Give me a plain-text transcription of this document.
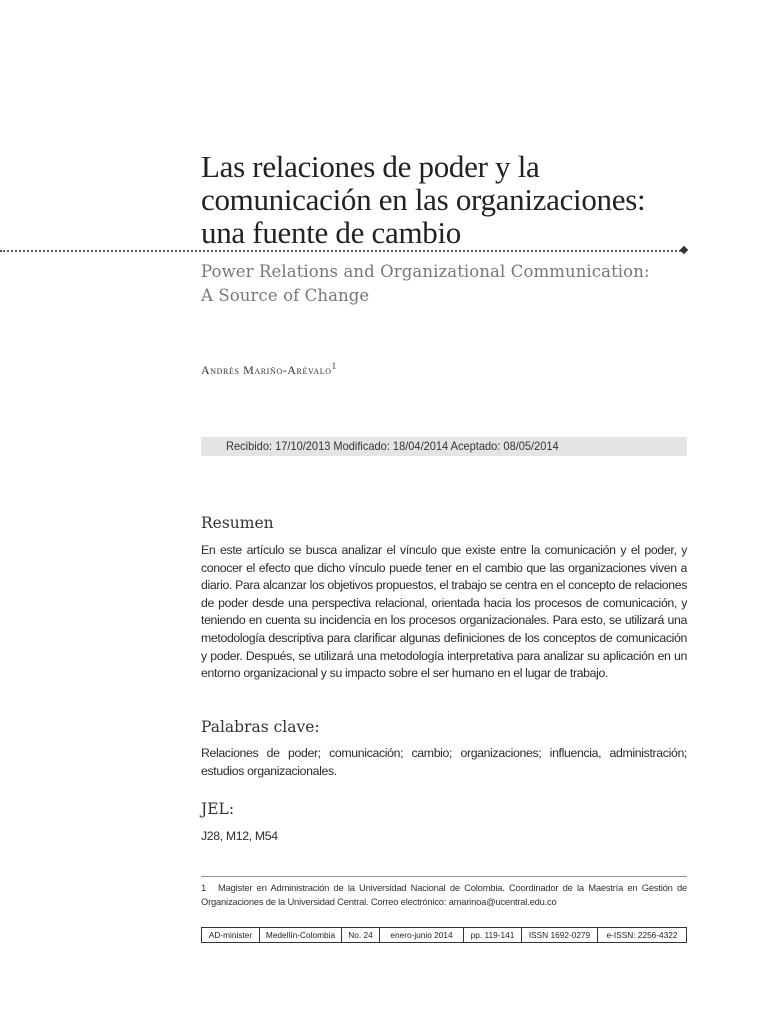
Las relaciones de poder y la
comunicación en las organizaciones:
una fuente de cambio
Power Relations and Organizational Communication:
A Source of Change
Andrés Mariño-Arévalo$^1$
Recibido: 17/10/2013 Modificado: 18/04/2014 Aceptado: 08/05/2014
Resumen

En este artículo se busca analizar el vínculo que existe entre la comunicación y el poder, y conocer el efecto que dicho vínculo puede tener en el cambio que las organizaciones viven a diario. Para alcanzar los objetivos propuestos, el trabajo se centra en el concepto de relaciones de poder desde una perspectiva relacional, orientada hacia los procesos de comunicación, y teniendo en cuenta su incidencia en los procesos organizacionales. Para esto, se utilizará una metodología descriptiva para clarificar algunas definiciones de los conceptos de comunicación y poder. Después, se utilizará una metodología interpretativa para analizar su aplicación en un entorno organizacional y su impacto sobre el ser humano en el lugar de trabajo.

Palabras clave:

Relaciones de poder; comunicación; cambio; organizaciones; influencia, administración; estudios organizacionales.

JEL:

J28, M12, M54

1 Magister en Administración de la Universidad Nacional de Colombia. Coordinador de la Maestría en Gestión de Organizaciones de la Universidad Central. Correo electrónico: amarinoa@ucentral.edu.co
AD-minister	Medellín-Colombia	No. 24	enero-junio 2014	pp. 119-141	ISSN 1692-0279	e-ISSN: 2256-4322
